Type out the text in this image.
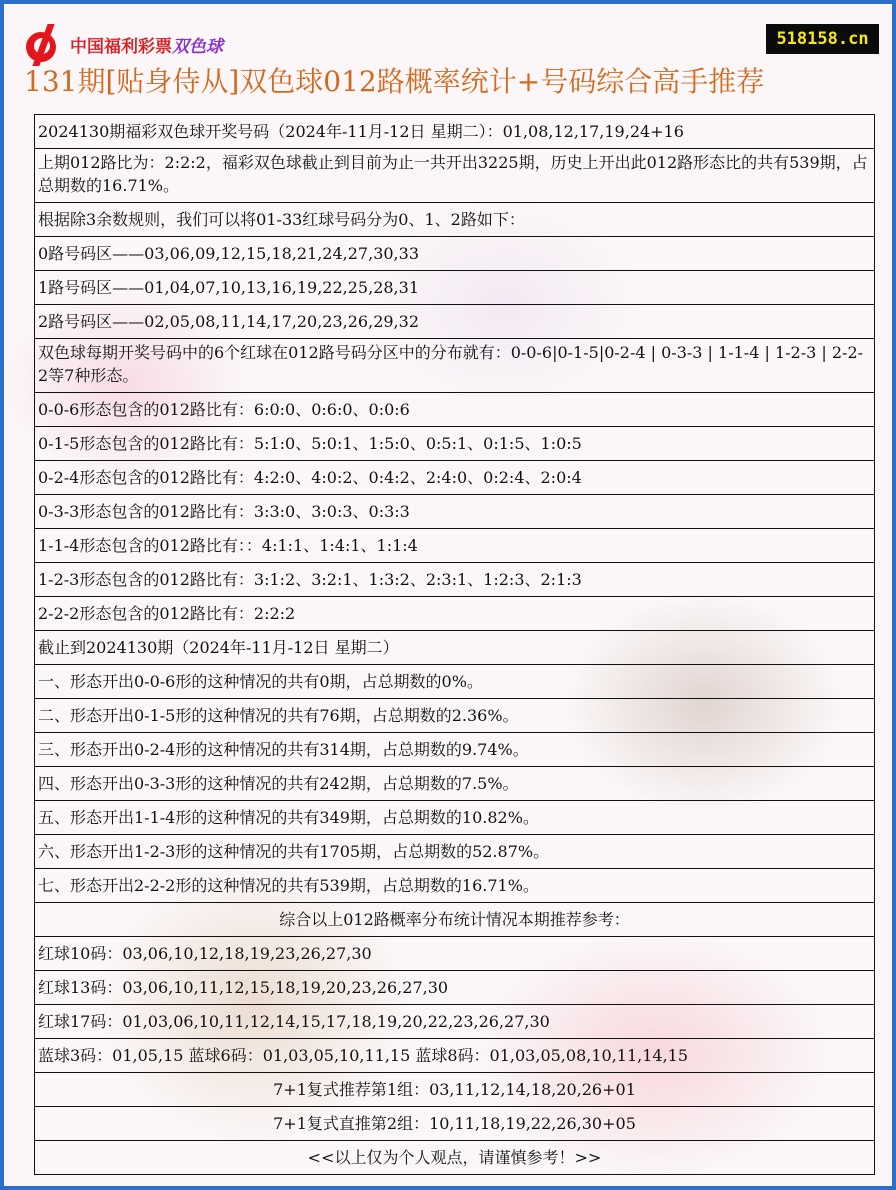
中国福利彩票 双色球	518158.cn
131期[贴身侍从]双色球012路概率统计+号码综合高手推荐
2024130期福彩双色球开奖号码（2024年-11月-12日 星期二）：01,08,12,17,19,24+16
上期012路比为：2:2:2，福彩双色球截止到目前为止一共开出3225期，历史上开出此012路形态比的共有539期，占总期数的16.71%。
根据除3余数规则，我们可以将01-33红球号码分为0、1、2路如下：
0路号码区——03,06,09,12,15,18,21,24,27,30,33
1路号码区——01,04,07,10,13,16,19,22,25,28,31
2路号码区——02,05,08,11,14,17,20,23,26,29,32
双色球每期开奖号码中的6个红球在012路号码分区中的分布就有：0-0-6|0-1-5|0-2-4 | 0-3-3 | 1-1-4 | 1-2-3 | 2-2-2等7种形态。
0-0-6形态包含的012路比有：6:0:0、0:6:0、0:0:6
0-1-5形态包含的012路比有：5:1:0、5:0:1、1:5:0、0:5:1、0:1:5、1:0:5
0-2-4形态包含的012路比有：4:2:0、4:0:2、0:4:2、2:4:0、0:2:4、2:0:4
0-3-3形态包含的012路比有：3:3:0、3:0:3、0:3:3
1-1-4形态包含的012路比有：：4:1:1、1:4:1、1:1:4
1-2-3形态包含的012路比有：3:1:2、3:2:1、1:3:2、2:3:1、1:2:3、2:1:3
2-2-2形态包含的012路比有：2:2:2
截止到2024130期（2024年-11月-12日 星期二）
一、形态开出0-0-6形的这种情况的共有0期，占总期数的0%。
二、形态开出0-1-5形的这种情况的共有76期，占总期数的2.36%。
三、形态开出0-2-4形的这种情况的共有314期，占总期数的9.74%。
四、形态开出0-3-3形的这种情况的共有242期，占总期数的7.5%。
五、形态开出1-1-4形的这种情况的共有349期，占总期数的10.82%。
六、形态开出1-2-3形的这种情况的共有1705期，占总期数的52.87%。
七、形态开出2-2-2形的这种情况的共有539期，占总期数的16.71%。
综合以上012路概率分布统计情况本期推荐参考：
红球10码：03,06,10,12,18,19,23,26,27,30
红球13码：03,06,10,11,12,15,18,19,20,23,26,27,30
红球17码：01,03,06,10,11,12,14,15,17,18,19,20,22,23,26,27,30
蓝球3码：01,05,15 蓝球6码：01,03,05,10,11,15 蓝球8码：01,03,05,08,10,11,14,15
7+1复式推荐第1组：03,11,12,14,18,20,26+01
7+1复式直推第2组：10,11,18,19,22,26,30+05
<<以上仅为个人观点，请谨慎参考！>>
